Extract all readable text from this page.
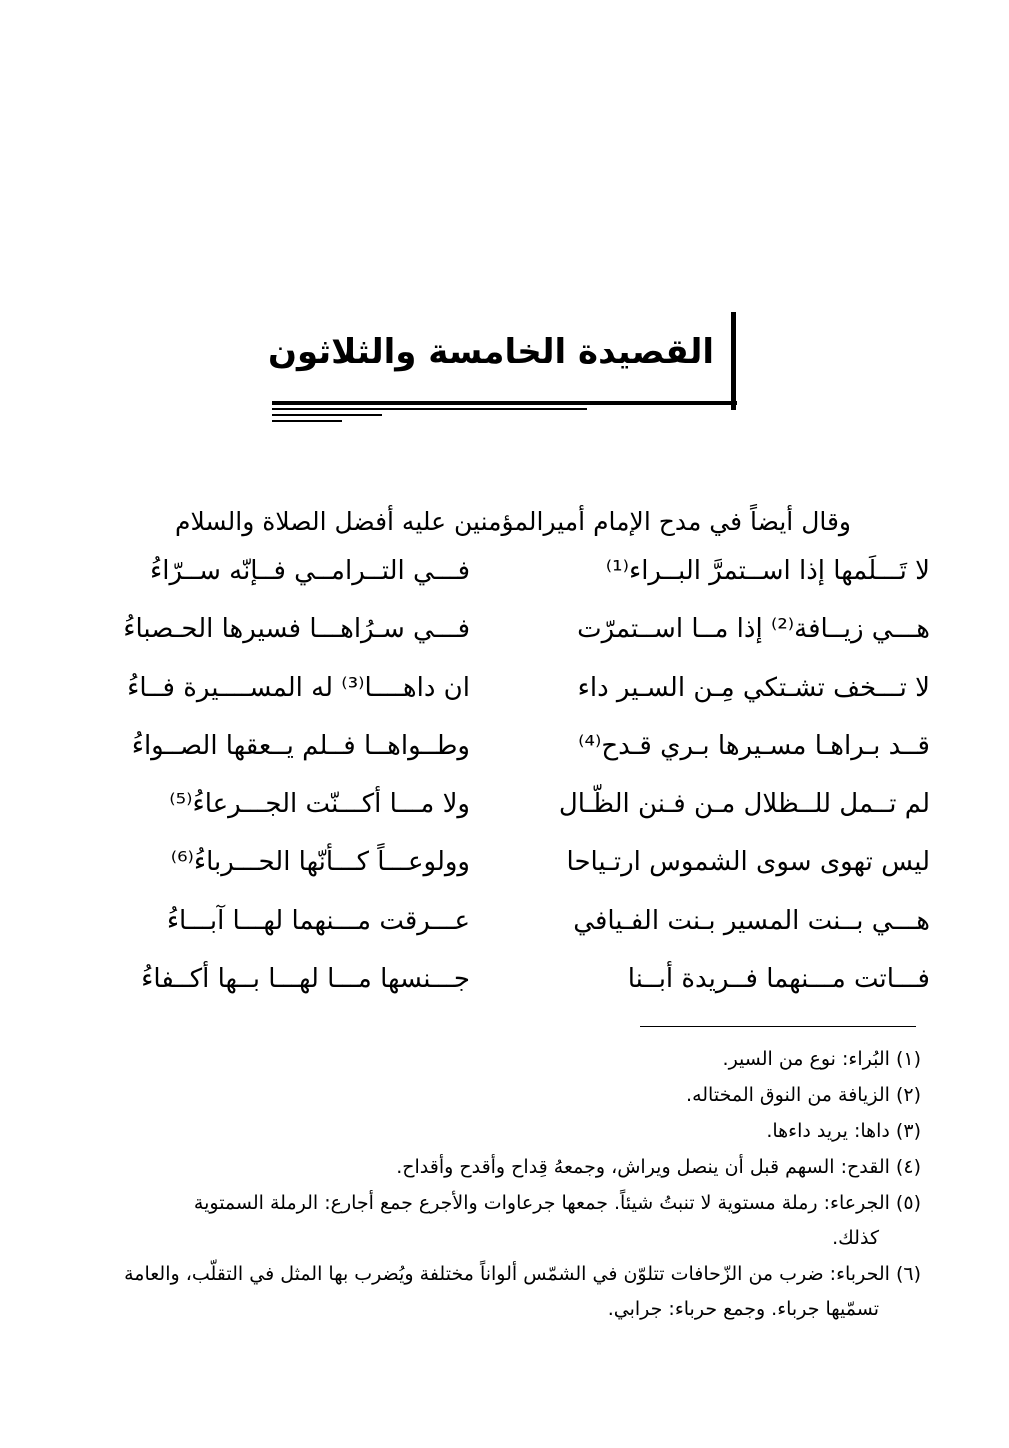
القصيدة الخامسة والثلاثون
وقال أيضاً في مدح الإمام أميرالمؤمنين عليه أفضل الصلاة والسلام
لا تَـــلَمها إذا اســتمرَّ البــراء⁽¹⁾
فـــي التــرامــي فــإنّه ســرّاءُ
هـــي زيــافة⁽²⁾ إذا مــا اســتمرّت
فـــي سـرُاهـــا فسيرها الحـصباءُ
لا تـــخف تشـتكي مِـن السـير داء
ان داهــــا⁽³⁾ له المســــيرة فــاءُ
قــد بـراهـا مسـيرها بـري قـدح⁽⁴⁾
وطــواهــا فــلم يــعقها الصــواءُ
لم تــمل للــظلال مـن فـنن الظّـال
ولا مـــا أكـــنّت الجـــرعاءُ⁽⁵⁾
ليس تهوى سوى الشموس ارتـياحا
وولوعـــاً كـــأنّها الحـــرباءُ⁽⁶⁾
هـــي بــنت المسير بـنت الفـيافي
عـــرقت مـــنهما لهـــا آبـــاءُ
فـــاتت مـــنهما فــريدة أبــنا
جـــنسها مـــا لهـــا بــها أكــفاءُ
(١) البُراء: نوع من السير.
(٢) الزيافة من النوق المختاله.
(٣) داها: يريد داءها.
(٤) القدح: السهم قبل أن ينصل ويراش، وجمعهُ قِداح وأقدح وأقداح.
(٥) الجرعاء: رملة مستوية لا تنبتُ شيئاً. جمعها جرعاوات والأجرع جمع أجارع: الرملة السمتوية
كذلك.
(٦) الحرباء: ضرب من الزّحافات تتلوّن في الشمّس ألواناً مختلفة ويُضرب بها المثل في التقلّب، والعامة
تسمّيها جرباء. وجمع حرباء: جرابي.
